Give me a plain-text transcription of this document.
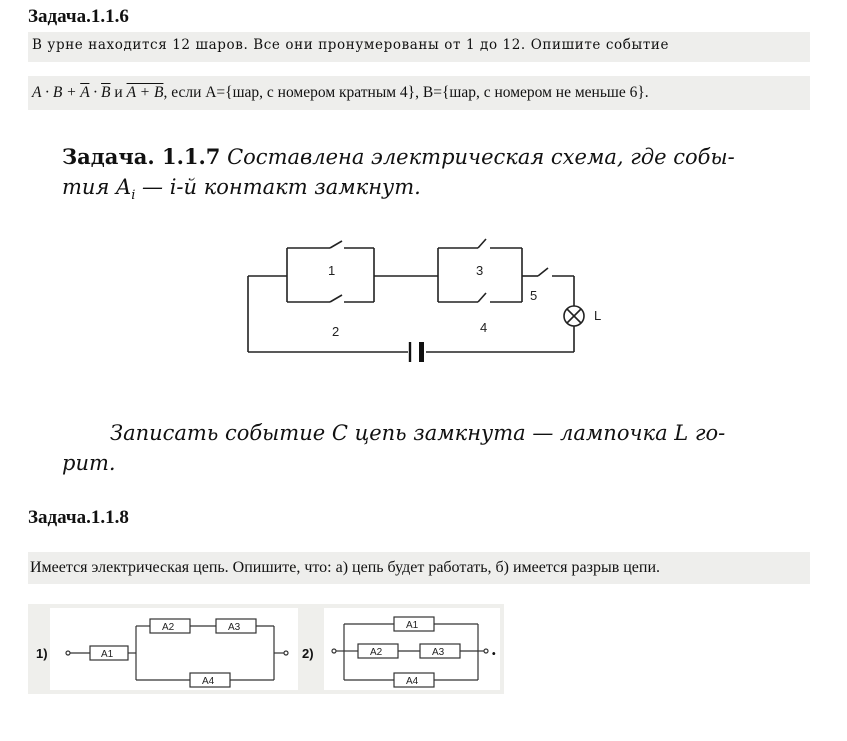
Задача.1.1.6
В урне находится 12 шаров. Все они пронумерованы от 1 до 12. Опишите событие
$A \cdot B + \overline{A} \cdot \overline{B}$ и A + B, если А={шар, с номером кратным 4}, В={шар, с номером не меньше 6}.
Задача. 1.1.7 Составлена электрическая схема, где собы-
тия $A_i$ — i-й контакт замкнут.
1
2
3
4
5
L
Записать событие C цепь замкнута — лампочка L го-
рит.
Задача.1.1.8
Имеется электрическая цепь. Опишите, что: а) цепь будет работать, б) имеется разрыв цепи.
1)	A1
A2	A3
A4
2)
A1
A2	A3
A4
.
